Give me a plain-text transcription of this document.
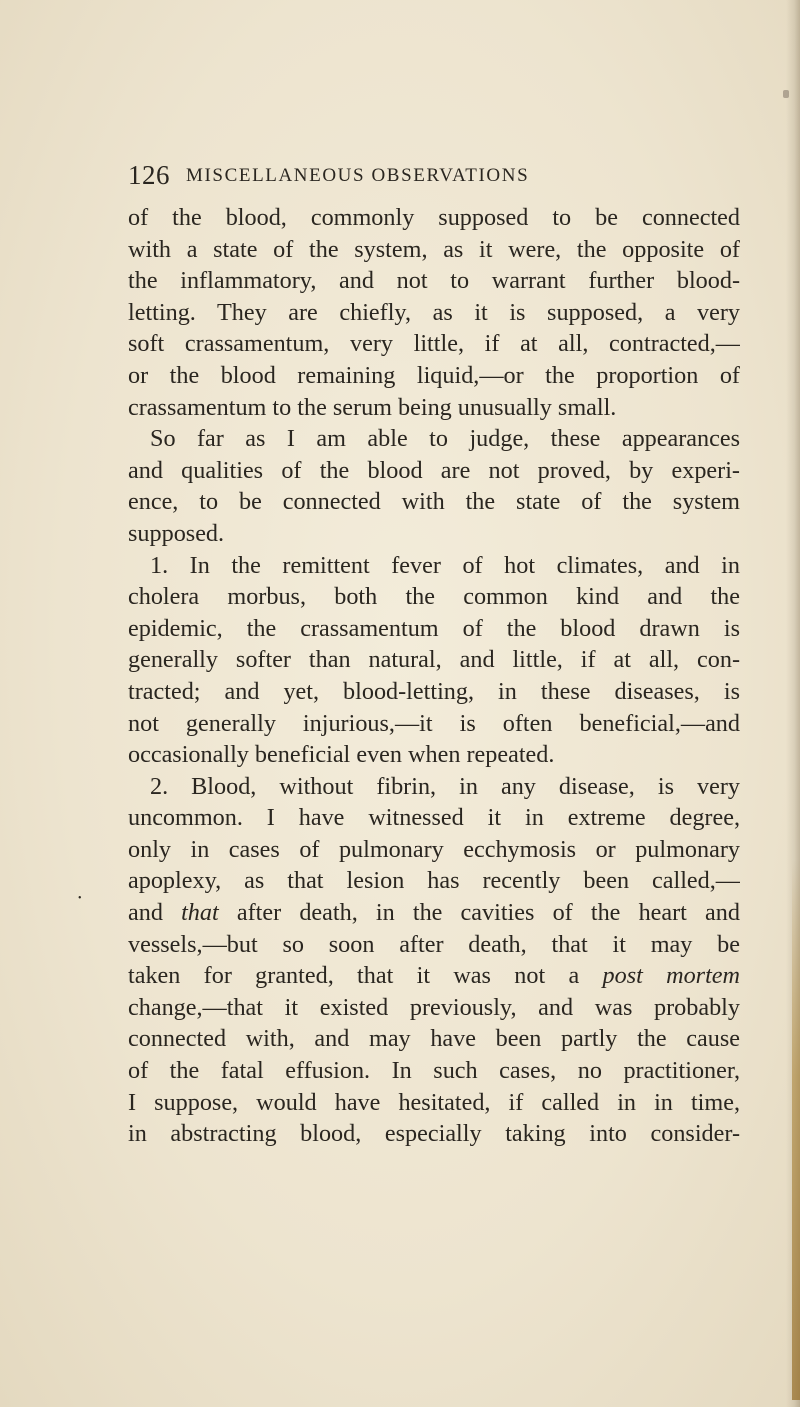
126 MISCELLANEOUS OBSERVATIONS
•
of the blood, commonly supposed to be connected
with a state of the system, as it were, the opposite of
the inflammatory, and not to warrant further blood-
letting. They are chiefly, as it is supposed, a very
soft crassamentum, very little, if at all, contracted,—
or the blood remaining liquid,—or the proportion of
crassamentum to the serum being unusually small.
So far as I am able to judge, these appearances
and qualities of the blood are not proved, by experi-
ence, to be connected with the state of the system
supposed.
1. In the remittent fever of hot climates, and in
cholera morbus, both the common kind and the
epidemic, the crassamentum of the blood drawn is
generally softer than natural, and little, if at all, con-
tracted; and yet, blood-letting, in these diseases, is
not generally injurious,—it is often beneficial,—and
occasionally beneficial even when repeated.
2. Blood, without fibrin, in any disease, is very
uncommon. I have witnessed it in extreme degree,
only in cases of pulmonary ecchymosis or pulmonary
apoplexy, as that lesion has recently been called,—
and that after death, in the cavities of the heart and
vessels,—but so soon after death, that it may be
taken for granted, that it was not a post mortem
change,—that it existed previously, and was probably
connected with, and may have been partly the cause
of the fatal effusion. In such cases, no practitioner,
I suppose, would have hesitated, if called in in time,
in abstracting blood, especially taking into consider-
